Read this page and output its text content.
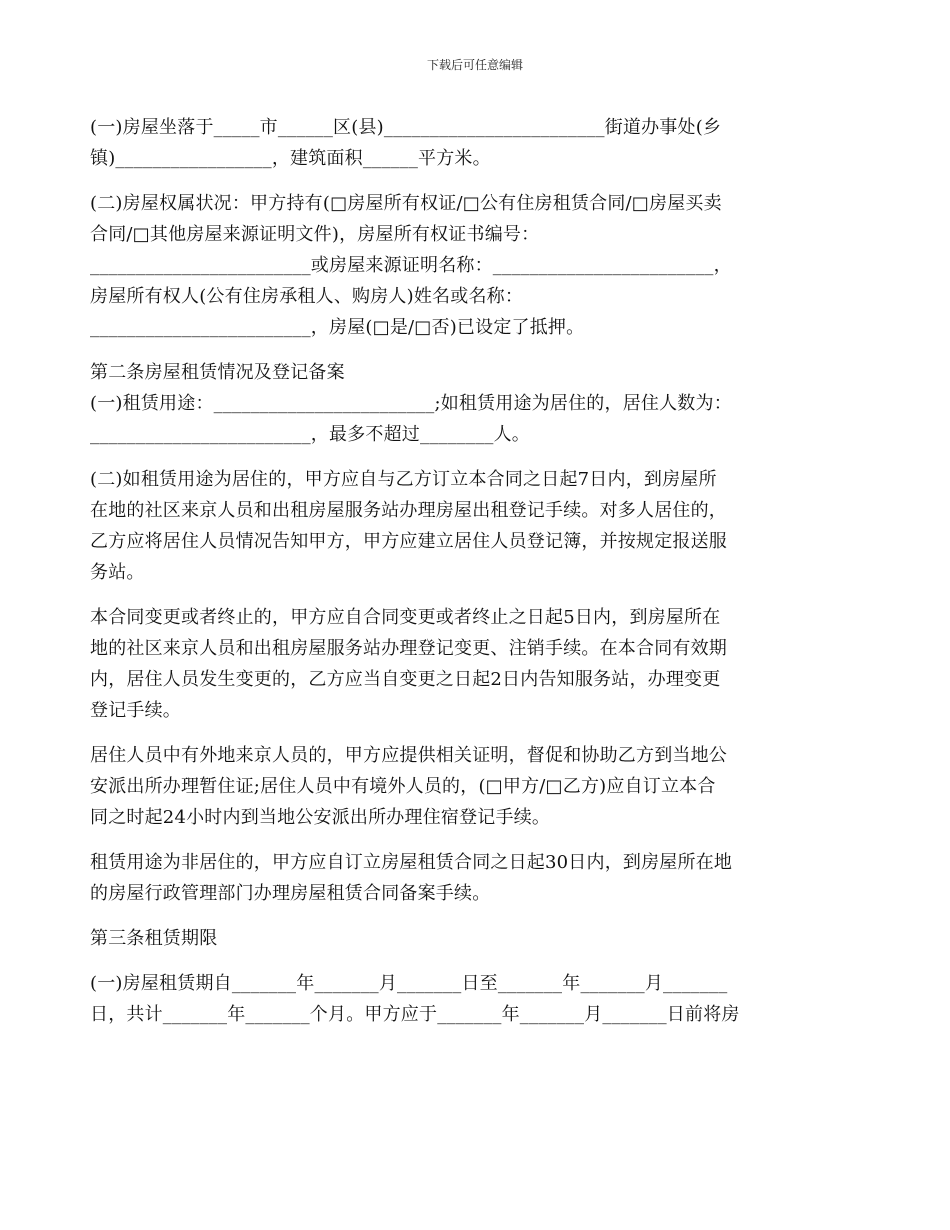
下载后可任意编辑
(一)房屋坐落于_____市______区(县)________________________街道办事处(乡
镇)_________________，建筑面积______平方米。
(二)房屋权属状况：甲方持有(□房屋所有权证/□公有住房租赁合同/□房屋买卖
合同/□其他房屋来源证明文件)，房屋所有权证书编号：
________________________或房屋来源证明名称：________________________，
房屋所有权人(公有住房承租人、购房人)姓名或名称：
________________________，房屋(□是/□否)已设定了抵押。
第二条房屋租赁情况及登记备案
(一)租赁用途：________________________;如租赁用途为居住的，居住人数为：
________________________，最多不超过________人。
(二)如租赁用途为居住的，甲方应自与乙方订立本合同之日起7日内，到房屋所
在地的社区来京人员和出租房屋服务站办理房屋出租登记手续。对多人居住的，
乙方应将居住人员情况告知甲方，甲方应建立居住人员登记簿，并按规定报送服
务站。
本合同变更或者终止的，甲方应自合同变更或者终止之日起5日内，到房屋所在
地的社区来京人员和出租房屋服务站办理登记变更、注销手续。在本合同有效期
内，居住人员发生变更的，乙方应当自变更之日起2日内告知服务站，办理变更
登记手续。
居住人员中有外地来京人员的，甲方应提供相关证明，督促和协助乙方到当地公
安派出所办理暂住证;居住人员中有境外人员的，(□甲方/□乙方)应自订立本合
同之时起24小时内到当地公安派出所办理住宿登记手续。
租赁用途为非居住的，甲方应自订立房屋租赁合同之日起30日内，到房屋所在地
的房屋行政管理部门办理房屋租赁合同备案手续。
第三条租赁期限
(一)房屋租赁期自_______年_______月_______日至_______年_______月_______
日，共计_______年_______个月。甲方应于_______年_______月_______日前将房
